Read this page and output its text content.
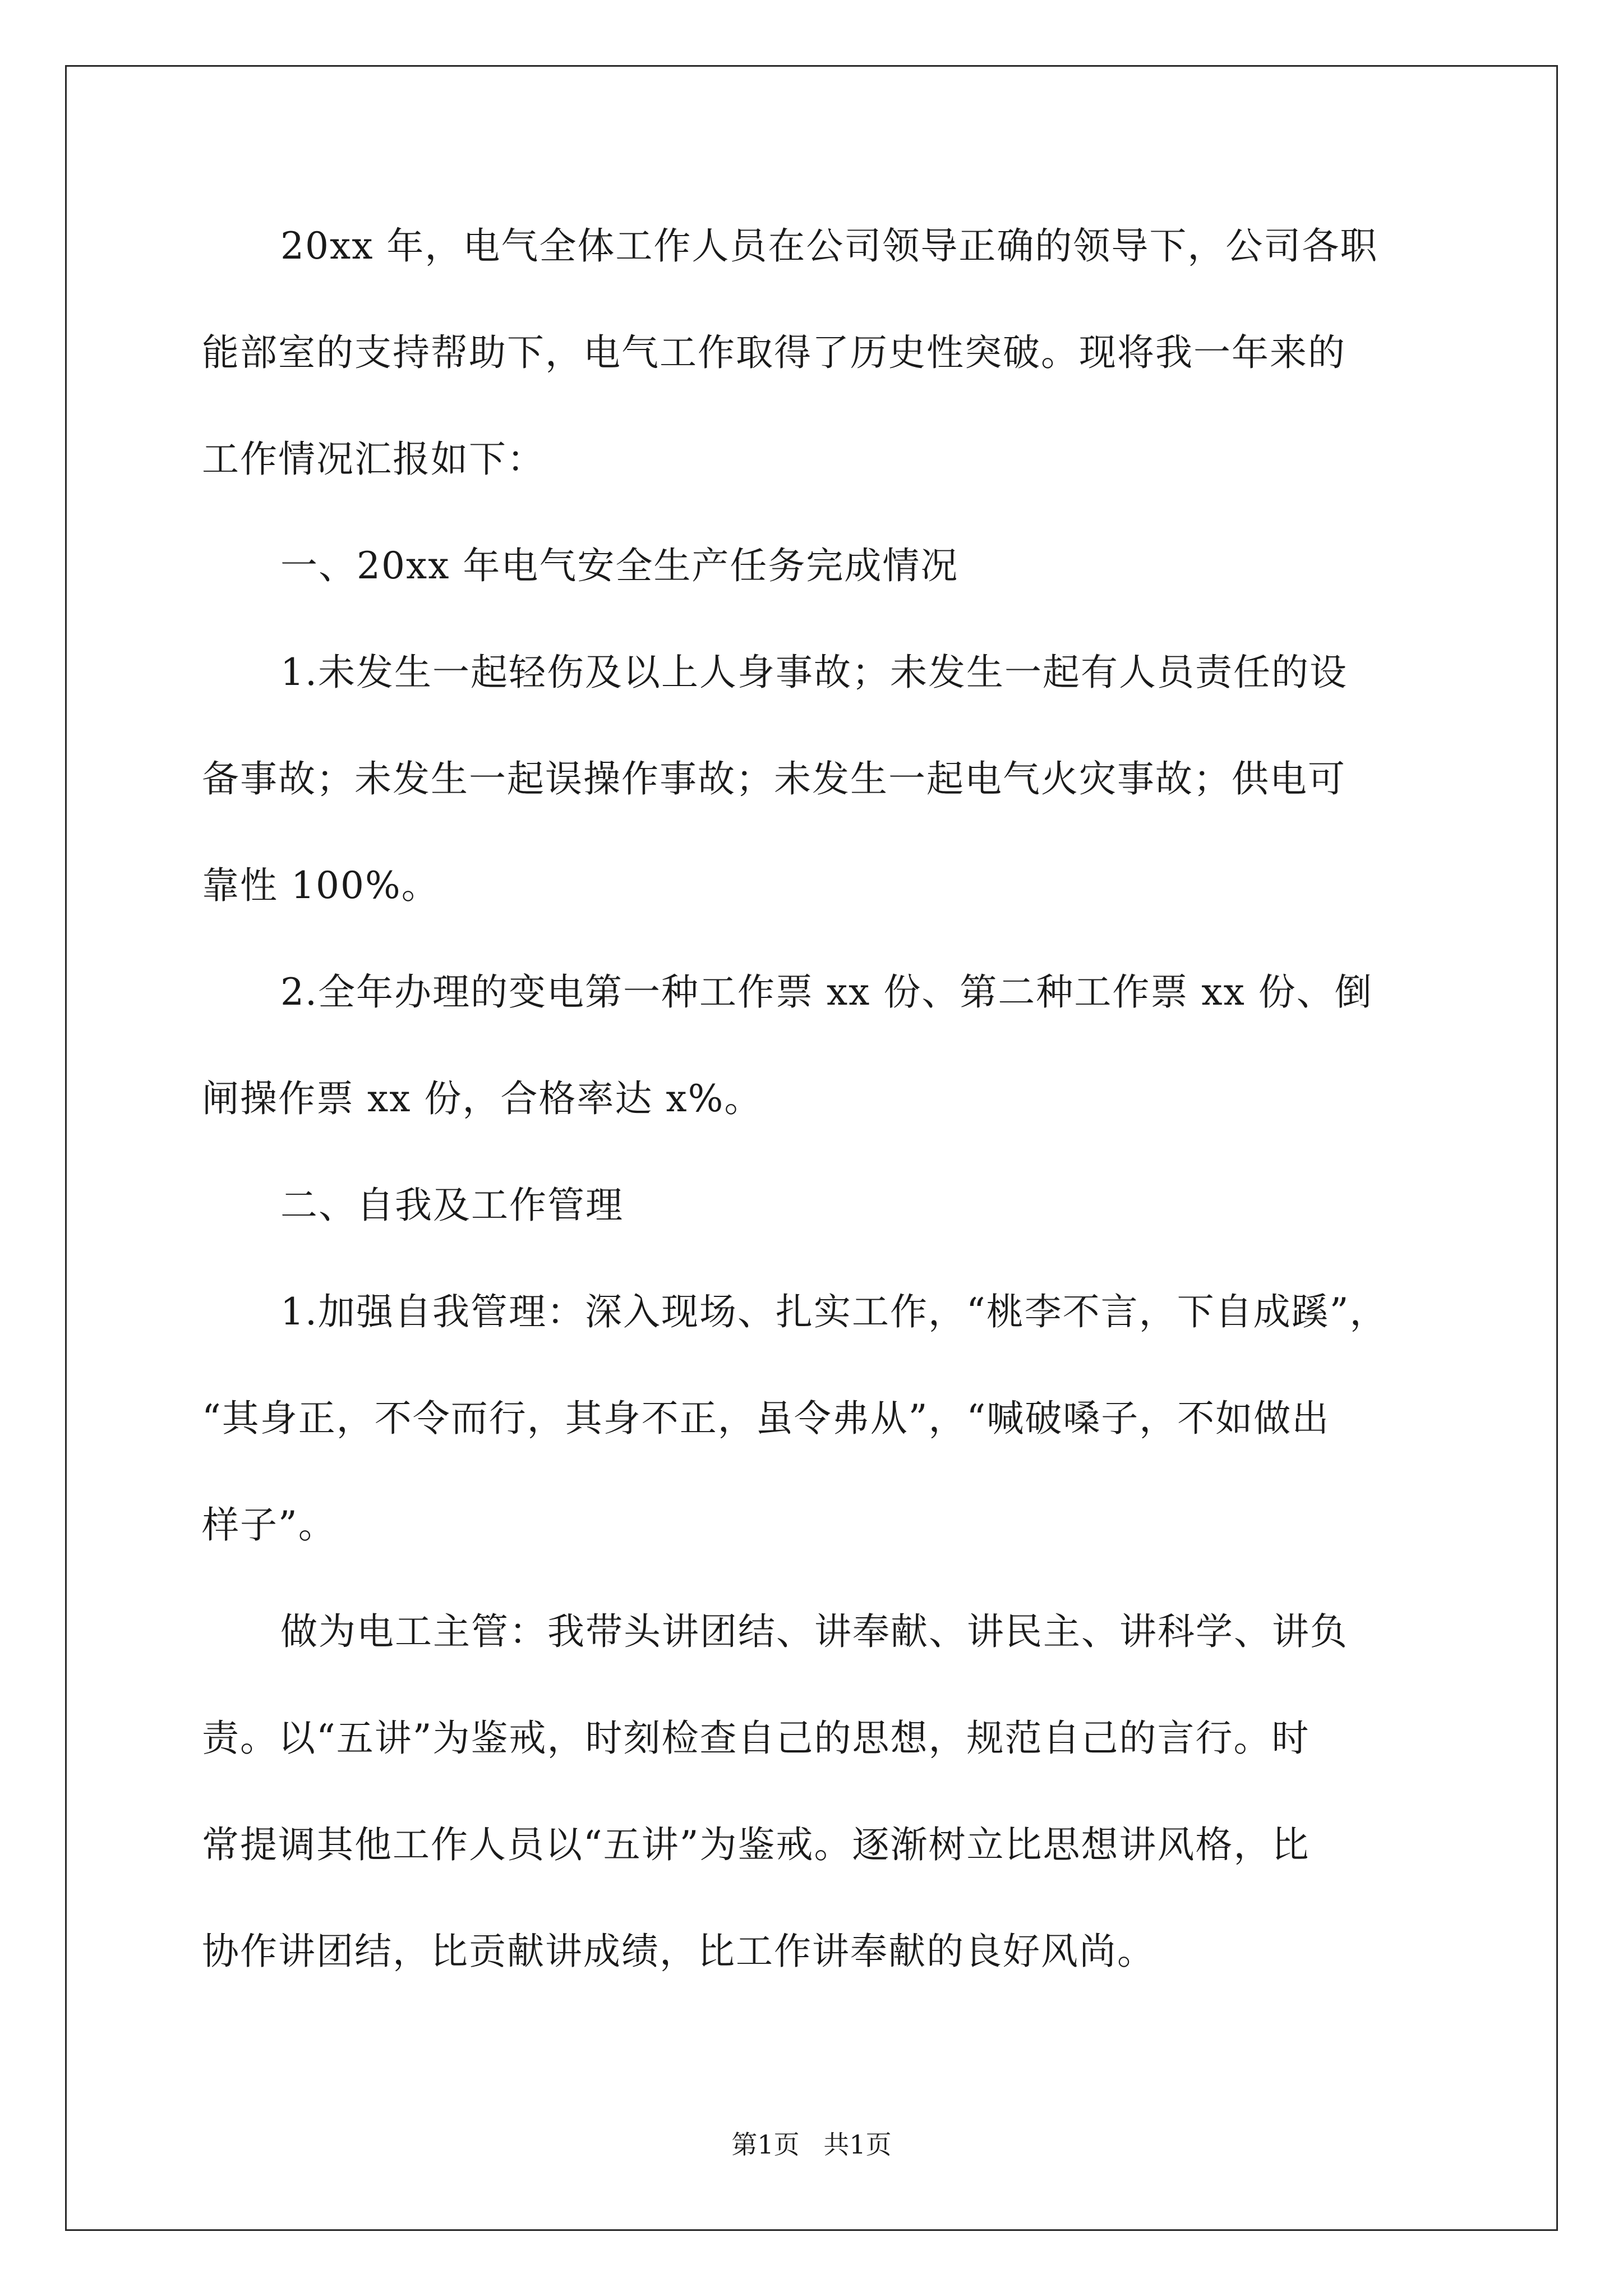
20xx 年，电气全体工作人员在公司领导正确的领导下，公司各职
能部室的支持帮助下，电气工作取得了历史性突破。现将我一年来的
工作情况汇报如下：
一、20xx 年电气安全生产任务完成情况
1.未发生一起轻伤及以上人身事故；未发生一起有人员责任的设
备事故；未发生一起误操作事故；未发生一起电气火灾事故；供电可
靠性 100%。
2.全年办理的变电第一种工作票 xx 份、第二种工作票 xx 份、倒
闸操作票 xx 份，合格率达 x%。
二、自我及工作管理
1.加强自我管理：深入现场、扎实工作，“桃李不言，下自成蹊”，
“其身正，不令而行，其身不正，虽令弗从”，“喊破嗓子，不如做出
样子”。
做为电工主管：我带头讲团结、讲奉献、讲民主、讲科学、讲负
责。以“五讲”为鉴戒，时刻检查自己的思想，规范自己的言行。时
常提调其他工作人员以“五讲”为鉴戒。逐渐树立比思想讲风格，比
协作讲团结，比贡献讲成绩，比工作讲奉献的良好风尚。
第1页 共1页
